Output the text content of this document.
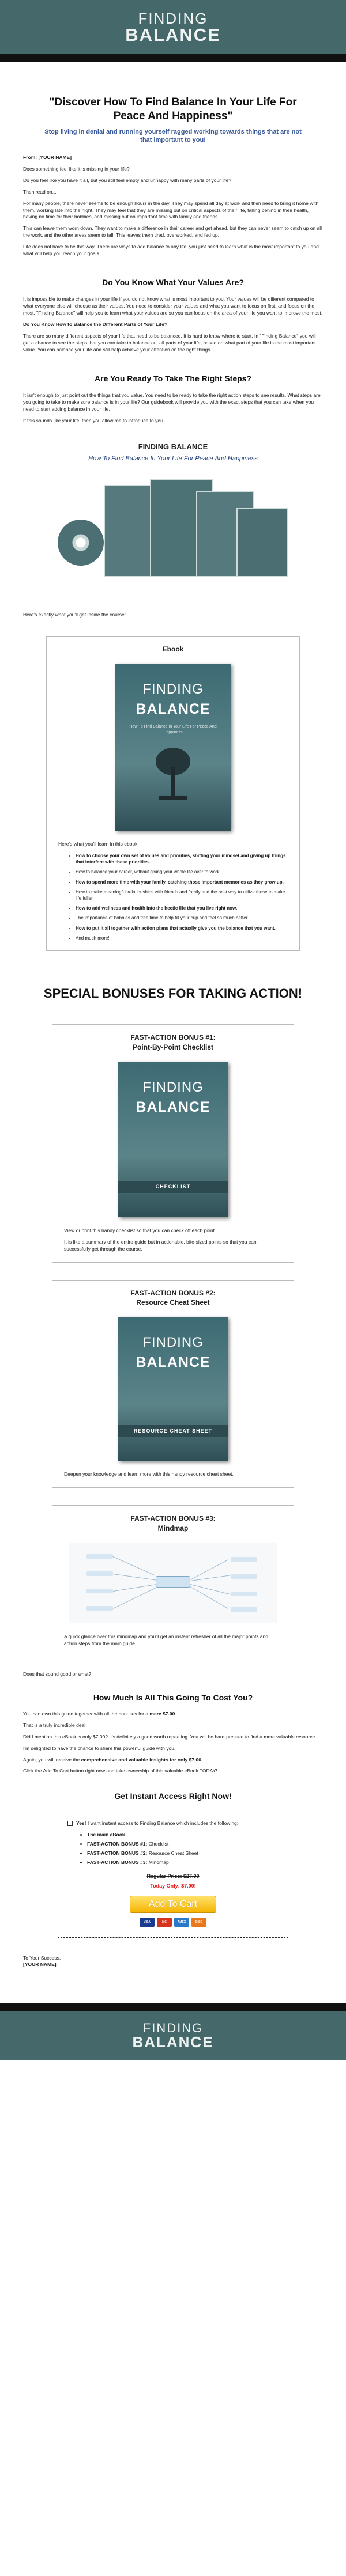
FINDING
BALANCE
"Discover How To Find Balance In Your Life For Peace And Happiness"
Stop living in denial and running yourself ragged working towards things that are not that important to you!

From: [YOUR NAME]

Does something feel like it is missing in your life?

Do you feel like you have it all, but you still feel empty and unhappy with many parts of your life?

Then read on...

For many people, there never seems to be enough hours in the day. They may spend all day at work and then need to bring it home with them, working late into the night. They may feel that they are missing out on critical aspects of their life, falling behind in their health, having no time for their hobbies, and missing out on important time with family and friends.

This can leave them worn down. They want to make a difference in their career and get ahead, but they can never seem to catch up on all the work, and the other areas seem to fall. This leaves them tired, overworked, and fed up.

Life does not have to be this way. There are ways to add balance to any life, you just need to learn what is the most important to you and what will help you reach your goals.

Do You Know What Your Values Are?

It is impossible to make changes in your life if you do not know what is most important to you. Your values will be different compared to what everyone else will choose as their values. You need to consider your values and what you want to focus on first, and focus on the most. "Finding Balance" will help you to learn what your values are so you can focus on the area of your life you want to improve the most.

Do You Know How to Balance the Different Parts of Your Life?

There are so many different aspects of your life that need to be balanced. It is hard to know where to start. In "Finding Balance" you will get a chance to see the steps that you can take to balance out all parts of your life, based on what part of your life is the most important value. You can balance your life and still help achieve your attention on the right things.

Are You Ready To Take The Right Steps?

It isn't enough to just point out the things that you value. You need to be ready to take the right action steps to see results. What steps are you going to take to make sure balance is in your life? Our guidebook will provide you with the exact steps that you can take when you need to start adding balance in your life.

If this sounds like your life, then you allow me to introduce to you...

FINDING BALANCE
How To Find Balance In Your Life For Peace And Happiness

Here's exactly what you'll get inside the course:

Ebook
FINDING
BALANCE
How To Find Balance In Your Life For Peace And Happiness

Here's what you'll learn in this ebook:

• How to choose your own set of values and priorities, shifting your mindset and giving up things that interfere with these priorities.
• How to balance your career, without giving your whole life over to work.
• How to spend more time with your family, catching those important memories as they grow up.
• How to make meaningful relationships with friends and family and the best way to utilize these to make life fuller.
• How to add wellness and health into the hectic life that you live right now.
• The importance of hobbies and free time to help fill your cup and feel so much better.
• How to put it all together with action plans that actually give you the balance that you want.
• And much more!
SPECIAL BONUSES FOR TAKING ACTION!
FAST-ACTION BONUS #1:
Point-By-Point Checklist
FINDING
BALANCE
CHECKLIST

View or print this handy checklist so that you can check off each point.

It is like a summary of the entire guide but in actionable, bite-sized points so that you can successfully get through the course.

FAST-ACTION BONUS #2:
Resource Cheat Sheet
FINDING
BALANCE
RESOURCE CHEAT SHEET

Deepen your knowledge and learn more with this handy resource cheat sheet.

FAST-ACTION BONUS #3:
Mindmap

A quick glance over this mindmap and you'll get an instant refresher of all the major points and action steps from the main guide.

Does that sound good or what?

How Much Is All This Going To Cost You?

You can own this guide together with all the bonuses for a mere $7.00.

That is a truly incredible deal!

Did I mention this eBook is only $7.00? It's definitely a good worth repeating. You will be hard-pressed to find a more valuable resource.

I'm delighted to have the chance to share this powerful guide with you.

Again, you will receive the comprehensive and valuable insights for only $7.00.

Click the Add To Cart button right now and take ownership of this valuable eBook TODAY!

Get Instant Access Right Now!
Yes! I want instant access to Finding Balance which includes the following:
• The main eBook
• FAST-ACTION BONUS #1: Checklist
• FAST-ACTION BONUS #2: Resource Cheat Sheet
• FAST-ACTION BONUS #3: Mindmap
Regular Price: $27.00
Today Only: $7.00!
Add To Cart
VISA	MC	AMEX	DISC

To Your Success,

[YOUR NAME]

FINDING
BALANCE
